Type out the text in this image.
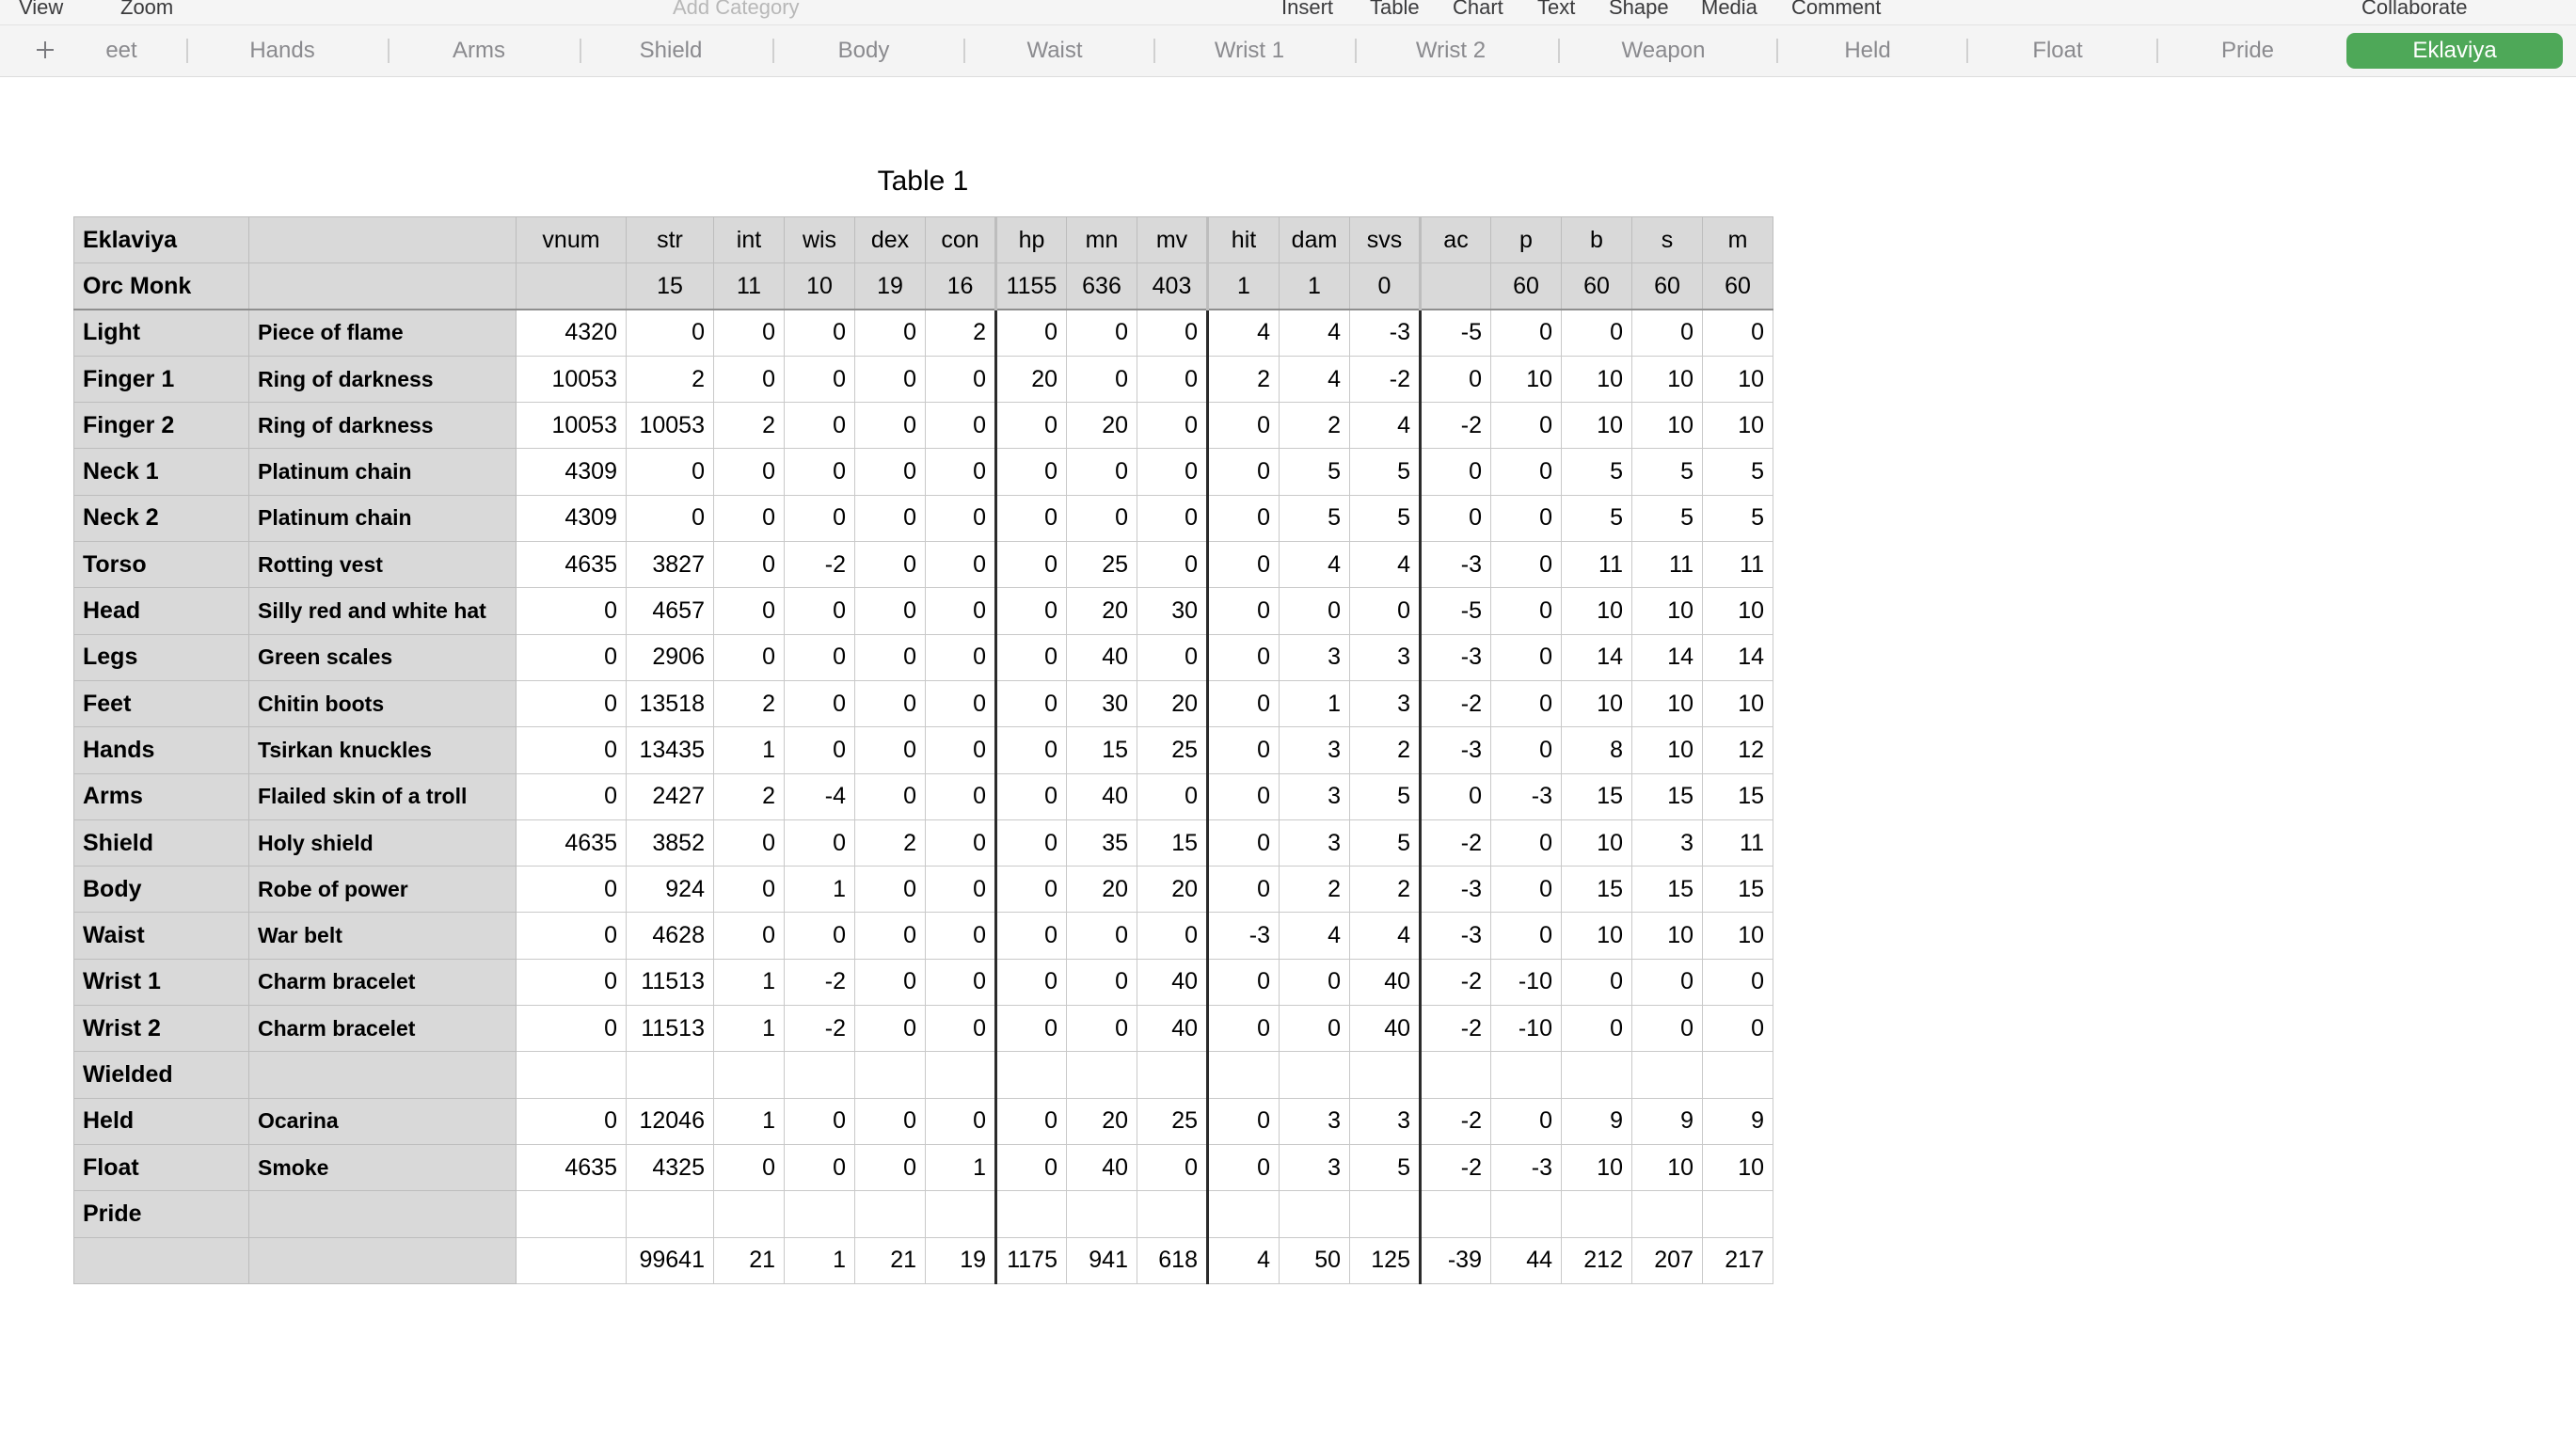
View	Zoom	Add Category	Insert Table Chart Text Shape Media Comment	Collaborate
eet	Hands	Arms	Shield	Body	Waist	Wrist 1	Wrist 2	Weapon	Held	Float	Pride	Eklaviya
Table 1
Eklaviya		vnum	str	int	wis	dex	con	hp	mn	mv	hit	dam	svs	ac	p	b	s	m
Orc Monk			15	11	10	19	16	1155	636	403	1	1	0		60	60	60	60
Light	Piece of flame	4320	0	0	0	0	2	0	0	0	4	4	-3	-5	0	0	0	0
Finger 1	Ring of darkness	10053	2	0	0	0	0	20	0	0	2	4	-2	0	10	10	10	10
Finger 2	Ring of darkness	10053	10053	2	0	0	0	0	20	0	0	2	4	-2	0	10	10	10
Neck 1	Platinum chain	4309	0	0	0	0	0	0	0	0	0	5	5	0	0	5	5	5
Neck 2	Platinum chain	4309	0	0	0	0	0	0	0	0	0	5	5	0	0	5	5	5
Torso	Rotting vest	4635	3827	0	-2	0	0	0	25	0	0	4	4	-3	0	11	11	11
Head	Silly red and white hat	0	4657	0	0	0	0	0	20	30	0	0	0	-5	0	10	10	10
Legs	Green scales	0	2906	0	0	0	0	0	40	0	0	3	3	-3	0	14	14	14
Feet	Chitin boots	0	13518	2	0	0	0	0	30	20	0	1	3	-2	0	10	10	10
Hands	Tsirkan knuckles	0	13435	1	0	0	0	0	15	25	0	3	2	-3	0	8	10	12
Arms	Flailed skin of a troll	0	2427	2	-4	0	0	0	40	0	0	3	5	0	-3	15	15	15
Shield	Holy shield	4635	3852	0	0	2	0	0	35	15	0	3	5	-2	0	10	3	11
Body	Robe of power	0	924	0	1	0	0	0	20	20	0	2	2	-3	0	15	15	15
Waist	War belt	0	4628	0	0	0	0	0	0	0	-3	4	4	-3	0	10	10	10
Wrist 1	Charm bracelet	0	11513	1	-2	0	0	0	0	40	0	0	40	-2	-10	0	0	0
Wrist 2	Charm bracelet	0	11513	1	-2	0	0	0	0	40	0	0	40	-2	-10	0	0	0
Wielded																		
Held	Ocarina	0	12046	1	0	0	0	0	20	25	0	3	3	-2	0	9	9	9
Float	Smoke	4635	4325	0	0	0	1	0	40	0	0	3	5	-2	-3	10	10	10
Pride																		
			99641	21	1	21	19	1175	941	618	4	50	125	-39	44	212	207	217
